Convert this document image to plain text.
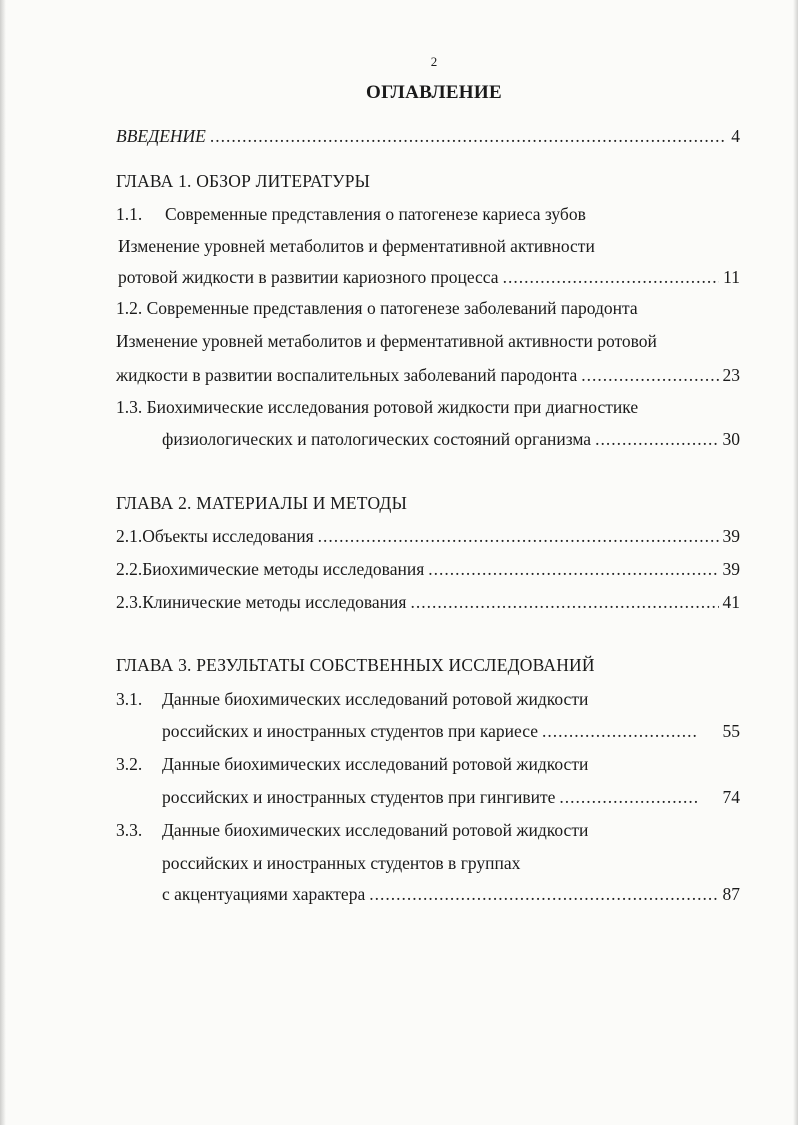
2
ОГЛАВЛЕНИЕ
ВВЕДЕНИЕ .....	4
ГЛАВА 1. ОБЗОР ЛИТЕРАТУРЫ
1.1. Современные представления о патогенезе кариеса зубов
Изменение уровней метаболитов и ферментативной активности
ротовой жидкости в развитии кариозного процесса .....	11
1.2. Современные представления о патогенезе заболеваний пародонта
Изменение уровней метаболитов и ферментативной активности ротовой
жидкости в развитии воспалительных заболеваний пародонта .....	23
1.3. Биохимические исследования ротовой жидкости при диагностике
физиологических и патологических состояний организма .....	30
ГЛАВА 2. МАТЕРИАЛЫ И МЕТОДЫ
2.1. Объекты исследования .....	39
2.2. Биохимические методы исследования .....	39
2.3. Клинические методы исследования .....	41
ГЛАВА 3. РЕЗУЛЬТАТЫ СОБСТВЕННЫХ ИССЛЕДОВАНИЙ
3.1. Данные биохимических исследований ротовой жидкости
российских и иностранных студентов при кариесе .....	55
3.2. Данные биохимических исследований ротовой жидкости
российских и иностранных студентов при гингивите .....	74
3.3. Данные биохимических исследований ротовой жидкости
российских и иностранных студентов в группах
с акцентуациями характера .....	87
